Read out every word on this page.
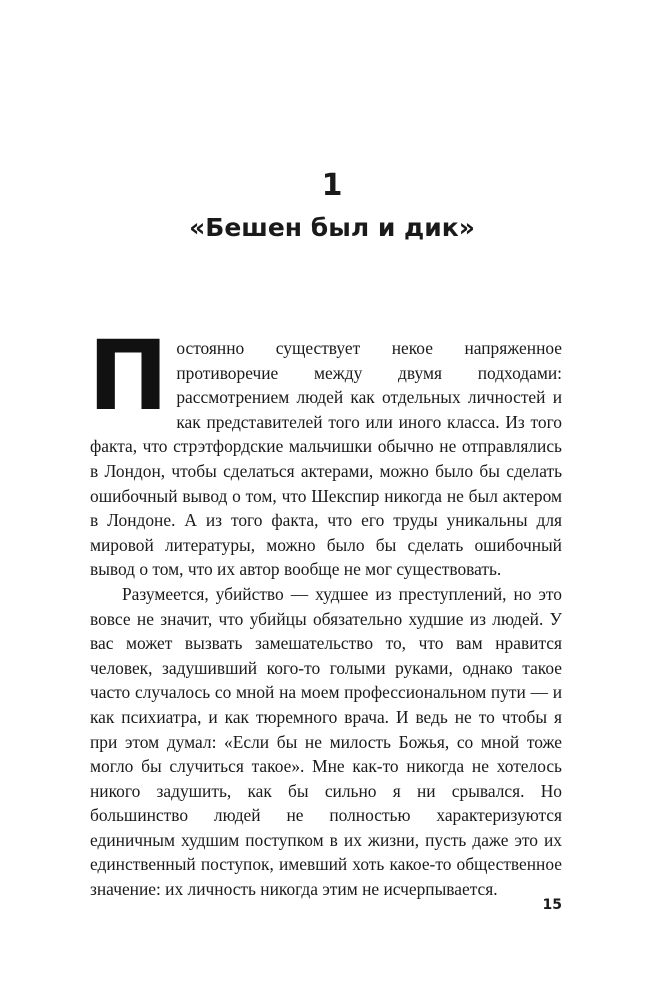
1
«Бешен был и дик»

Постоянно существует некое напряженное противоречие между двумя подходами: рассмотрением людей как отдельных личностей и как представителей того или иного класса. Из того факта, что стрэтфордские мальчишки обычно не отправлялись в Лондон, чтобы сделаться актерами, можно было бы сделать ошибочный вывод о том, что Шекспир никогда не был актером в Лондоне. А из того факта, что его труды уникальны для мировой литературы, можно было бы сделать ошибочный вывод о том, что их автор вообще не мог существовать.

Разумеется, убийство — худшее из преступлений, но это вовсе не значит, что убийцы обязательно худшие из людей. У вас может вызвать замешательство то, что вам нравится человек, задушивший кого-то голыми руками, однако такое часто случалось со мной на моем профессиональном пути — и как психиатра, и как тюремного врача. И ведь не то чтобы я при этом думал: «Если бы не милость Божья, со мной тоже могло бы случиться такое». Мне как-то никогда не хотелось никого задушить, как бы сильно я ни срывался. Но большинство людей не полностью характеризуются единичным худшим поступком в их жизни, пусть даже это их единственный поступок, имевший хоть какое-то общественное значение: их личность никогда этим не исчерпывается.

15
